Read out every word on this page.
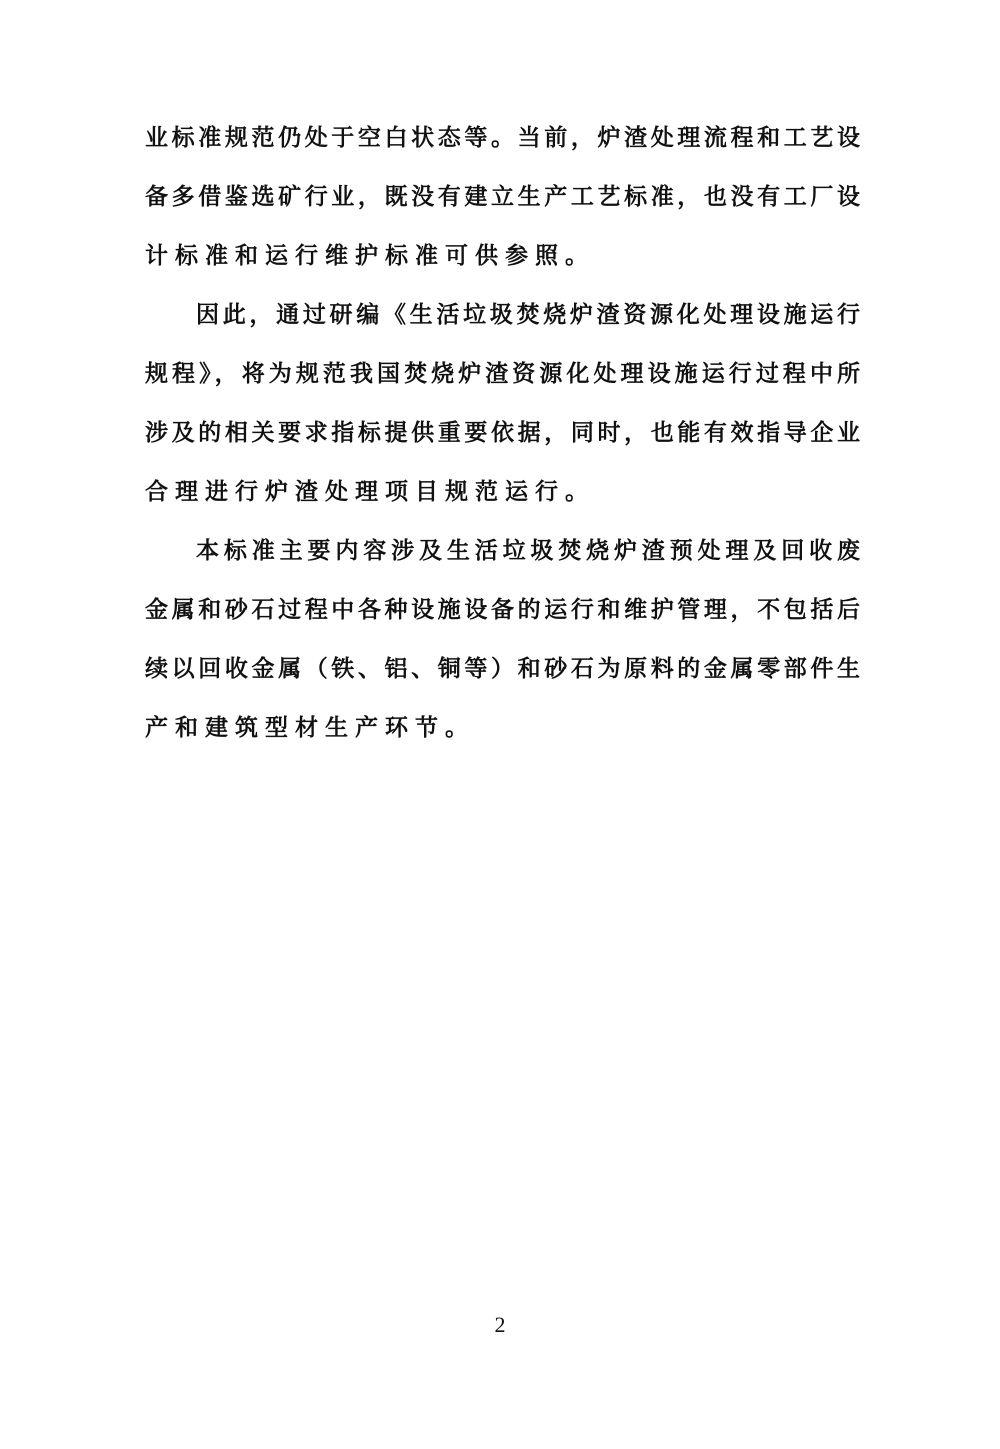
业标准规范仍处于空白状态等。当前，炉渣处理流程和工艺设
备多借鉴选矿行业，既没有建立生产工艺标准，也没有工厂设
计标准和运行维护标准可供参照。
因此，通过研编《生活垃圾焚烧炉渣资源化处理设施运行
规程》，将为规范我国焚烧炉渣资源化处理设施运行过程中所
涉及的相关要求指标提供重要依据，同时，也能有效指导企业
合理进行炉渣处理项目规范运行。
本标准主要内容涉及生活垃圾焚烧炉渣预处理及回收废
金属和砂石过程中各种设施设备的运行和维护管理，不包括后
续以回收金属（铁、铝、铜等）和砂石为原料的金属零部件生
产和建筑型材生产环节。
2
